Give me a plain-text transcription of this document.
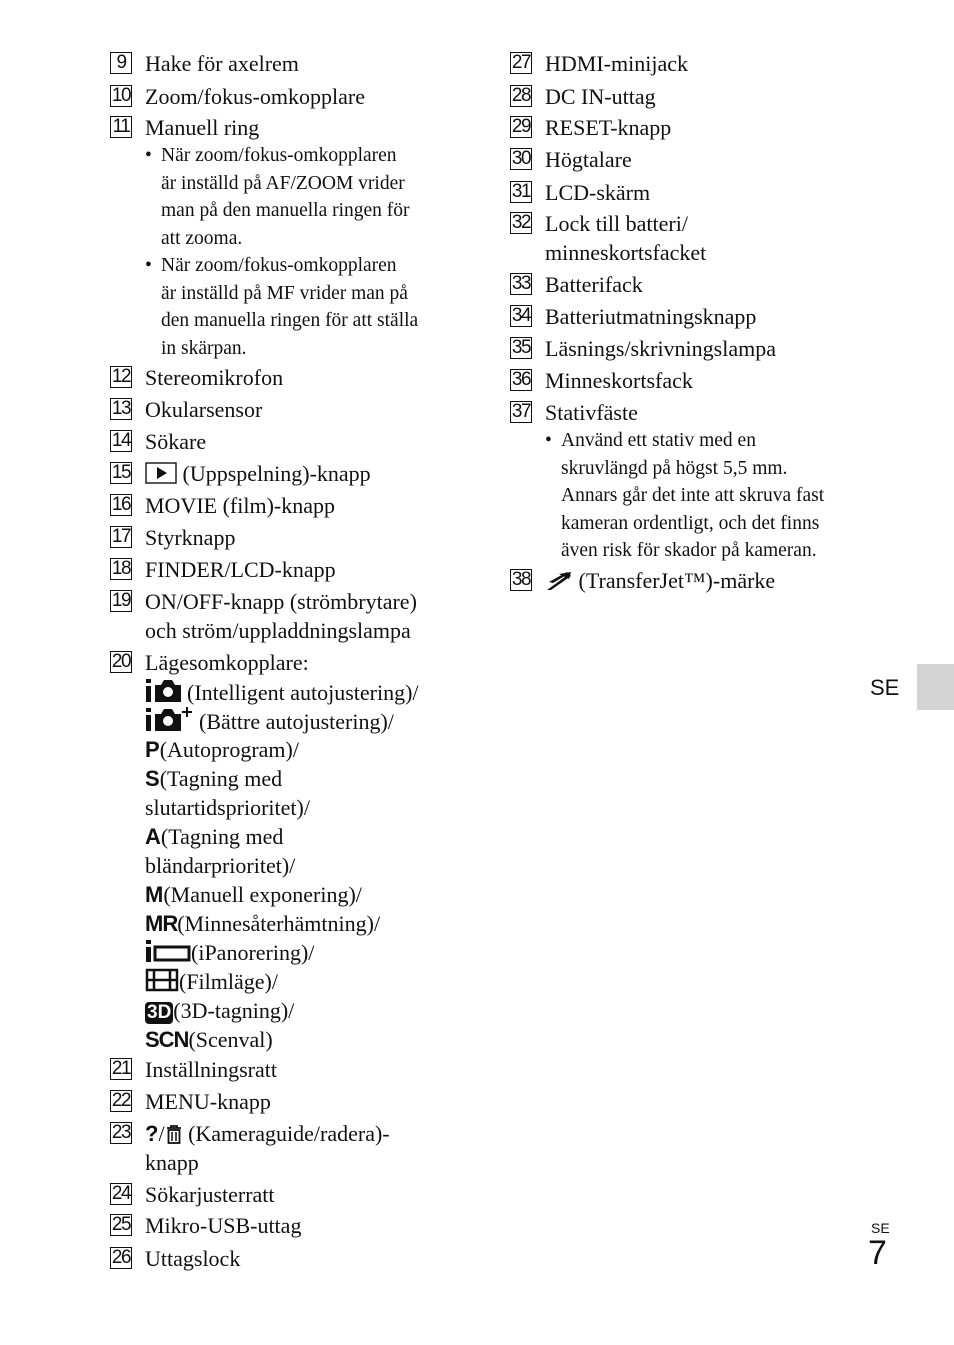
9 Hake för axelrem
10 Zoom/fokus-omkopplare
11 Manuell ring
• När zoom/fokus-omkopplaren
är inställd på AF/ZOOM vrider
man på den manuella ringen för
att zooma.
• När zoom/fokus-omkopplaren
är inställd på MF vrider man på
den manuella ringen för att ställa
in skärpan.
12 Stereomikrofon
13 Okularsensor
14 Sökare
15	(Uppspelning)-knapp
16 MOVIE (film)-knapp
17 Styrknapp
18 FINDER/LCD-knapp
19 ON/OFF-knapp (strömbrytare)
och ström/uppladdningslampa
20 Lägesomkopplare:
(Intelligent autojustering)/
(Bättre autojustering)/
P(Autoprogram)/
S(Tagning med
slutartidsprioritet)/
A(Tagning med
bländarprioritet)/
M(Manuell exponering)/
MR(Minnesåterhämtning)/
(iPanorering)/
(Filmläge)/
3D(3D-tagning)/
SCN(Scenval)
21 Inställningsratt
22 MENU-knapp
23 ?/ (Kameraguide/radera)-
knapp
24 Sökarjusterratt
25 Mikro-USB-uttag
26 Uttagslock
27 HDMI-minijack
28 DC IN-uttag
29 RESET-knapp
30 Högtalare
31 LCD-skärm
32 Lock till batteri/
minneskortsfacket
33 Batterifack
34 Batteriutmatningsknapp
35 Läsnings/skrivningslampa
36 Minneskortsfack
37 Stativfäste
• Använd ett stativ med en
skruvlängd på högst 5,5 mm.
Annars går det inte att skruva fast
kameran ordentligt, och det finns
även risk för skador på kameran.
38	(TransferJet™)-märke
SE
SE
7
